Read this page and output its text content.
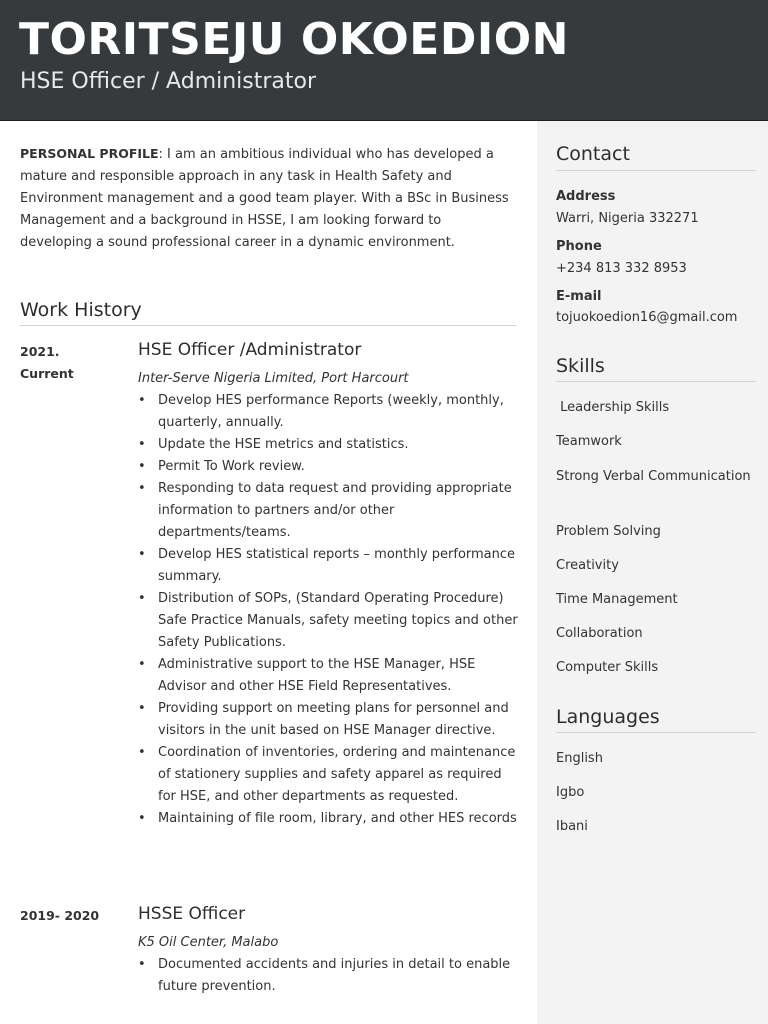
TORITSEJU OKOEDION
HSE Officer / Administrator
PERSONAL PROFILE: I am an ambitious individual who has developed a mature and responsible approach in any task in Health Safety and Environment management and a good team player. With a BSc in Business Management and a background in HSSE, I am looking forward to developing a sound professional career in a dynamic environment.
Work History
2021.
Current
HSE Officer /Administrator
Inter-Serve Nigeria Limited, Port Harcourt
• Develop HES performance Reports (weekly, monthly, quarterly, annually.
• Update the HSE metrics and statistics.
• Permit To Work review.
• Responding to data request and providing appropriate information to partners and/or other departments/teams.
• Develop HES statistical reports – monthly performance summary.
• Distribution of SOPs, (Standard Operating Procedure) Safe Practice Manuals, safety meeting topics and other Safety Publications.
• Administrative support to the HSE Manager, HSE Advisor and other HSE Field Representatives.
• Providing support on meeting plans for personnel and visitors in the unit based on HSE Manager directive.
• Coordination of inventories, ordering and maintenance of stationery supplies and safety apparel as required for HSE, and other departments as requested.
• Maintaining of file room, library, and other HES records
2019- 2020 HSSE Officer
K5 Oil Center, Malabo
• Documented accidents and injuries in detail to enable future prevention.
Contact
Address
Warri, Nigeria 332271
Phone
+234 813 332 8953
E-mail
tojuokoedion16@gmail.com
Skills
Leadership Skills
Teamwork
Strong Verbal Communication
Problem Solving
Creativity
Time Management
Collaboration
Computer Skills
Languages
English
Igbo
Ibani
